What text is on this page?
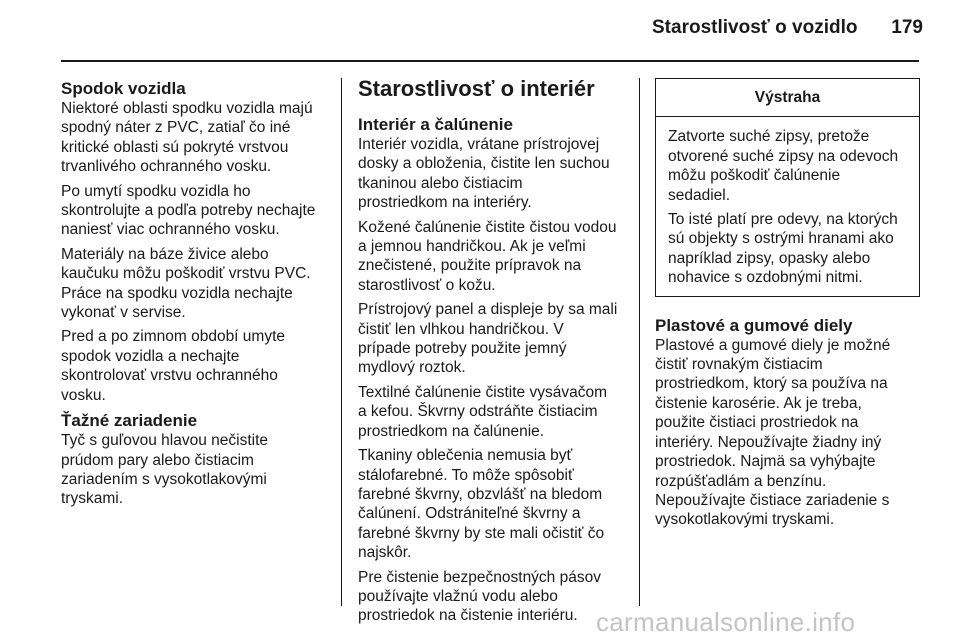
Starostlivosť o vozidlo	179
Spodok vozidla

Niektoré oblasti spodku vozidla majú
spodný náter z PVC, zatiaľ čo iné
kritické oblasti sú pokryté vrstvou
trvanlivého ochranného vosku.

Po umytí spodku vozidla ho
skontrolujte a podľa potreby nechajte
naniesť viac ochranného vosku.

Materiály na báze živice alebo
kaučuku môžu poškodiť vrstvu PVC.
Práce na spodku vozidla nechajte
vykonať v servise.

Pred a po zimnom období umyte
spodok vozidla a nechajte
skontrolovať vrstvu ochranného
vosku.

Ťažné zariadenie

Tyč s guľovou hlavou nečistite
prúdom pary alebo čistiacim
zariadením s vysokotlakovými
tryskami.

Starostlivosť o interiér
Interiér a čalúnenie

Interiér vozidla, vrátane prístrojovej
dosky a obloženia, čistite len suchou
tkaninou alebo čistiacim
prostriedkom na interiéry.

Kožené čalúnenie čistite čistou vodou
a jemnou handričkou. Ak je veľmi
znečistené, použite prípravok na
starostlivosť o kožu.

Prístrojový panel a displeje by sa mali
čistiť len vlhkou handričkou. V
prípade potreby použite jemný
mydlový roztok.

Textilné čalúnenie čistite vysávačom
a kefou. Škvrny odstráňte čistiacim
prostriedkom na čalúnenie.

Tkaniny oblečenia nemusia byť
stálofarebné. To môže spôsobiť
farebné škvrny, obzvlášť na bledom
čalúnení. Odstrániteľné škvrny a
farebné škvrny by ste mali očistiť čo
najskôr.

Pre čistenie bezpečnostných pásov
používajte vlažnú vodu alebo
prostriedok na čistenie interiéru.

Výstraha

Zatvorte suché zipsy, pretože
otvorené suché zipsy na odevoch
môžu poškodiť čalúnenie
sedadiel.

To isté platí pre odevy, na ktorých
sú objekty s ostrými hranami ako
napríklad zipsy, opasky alebo
nohavice s ozdobnými nitmi.

Plastové a gumové diely

Plastové a gumové diely je možné
čistiť rovnakým čistiacim
prostriedkom, ktorý sa používa na
čistenie karosérie. Ak je treba,
použite čistiaci prostriedok na
interiéry. Nepoužívajte žiadny iný
prostriedok. Najmä sa vyhýbajte
rozpúšťadlám a benzínu.
Nepoužívajte čistiace zariadenie s
vysokotlakovými tryskami.

carmanualsonline.info
